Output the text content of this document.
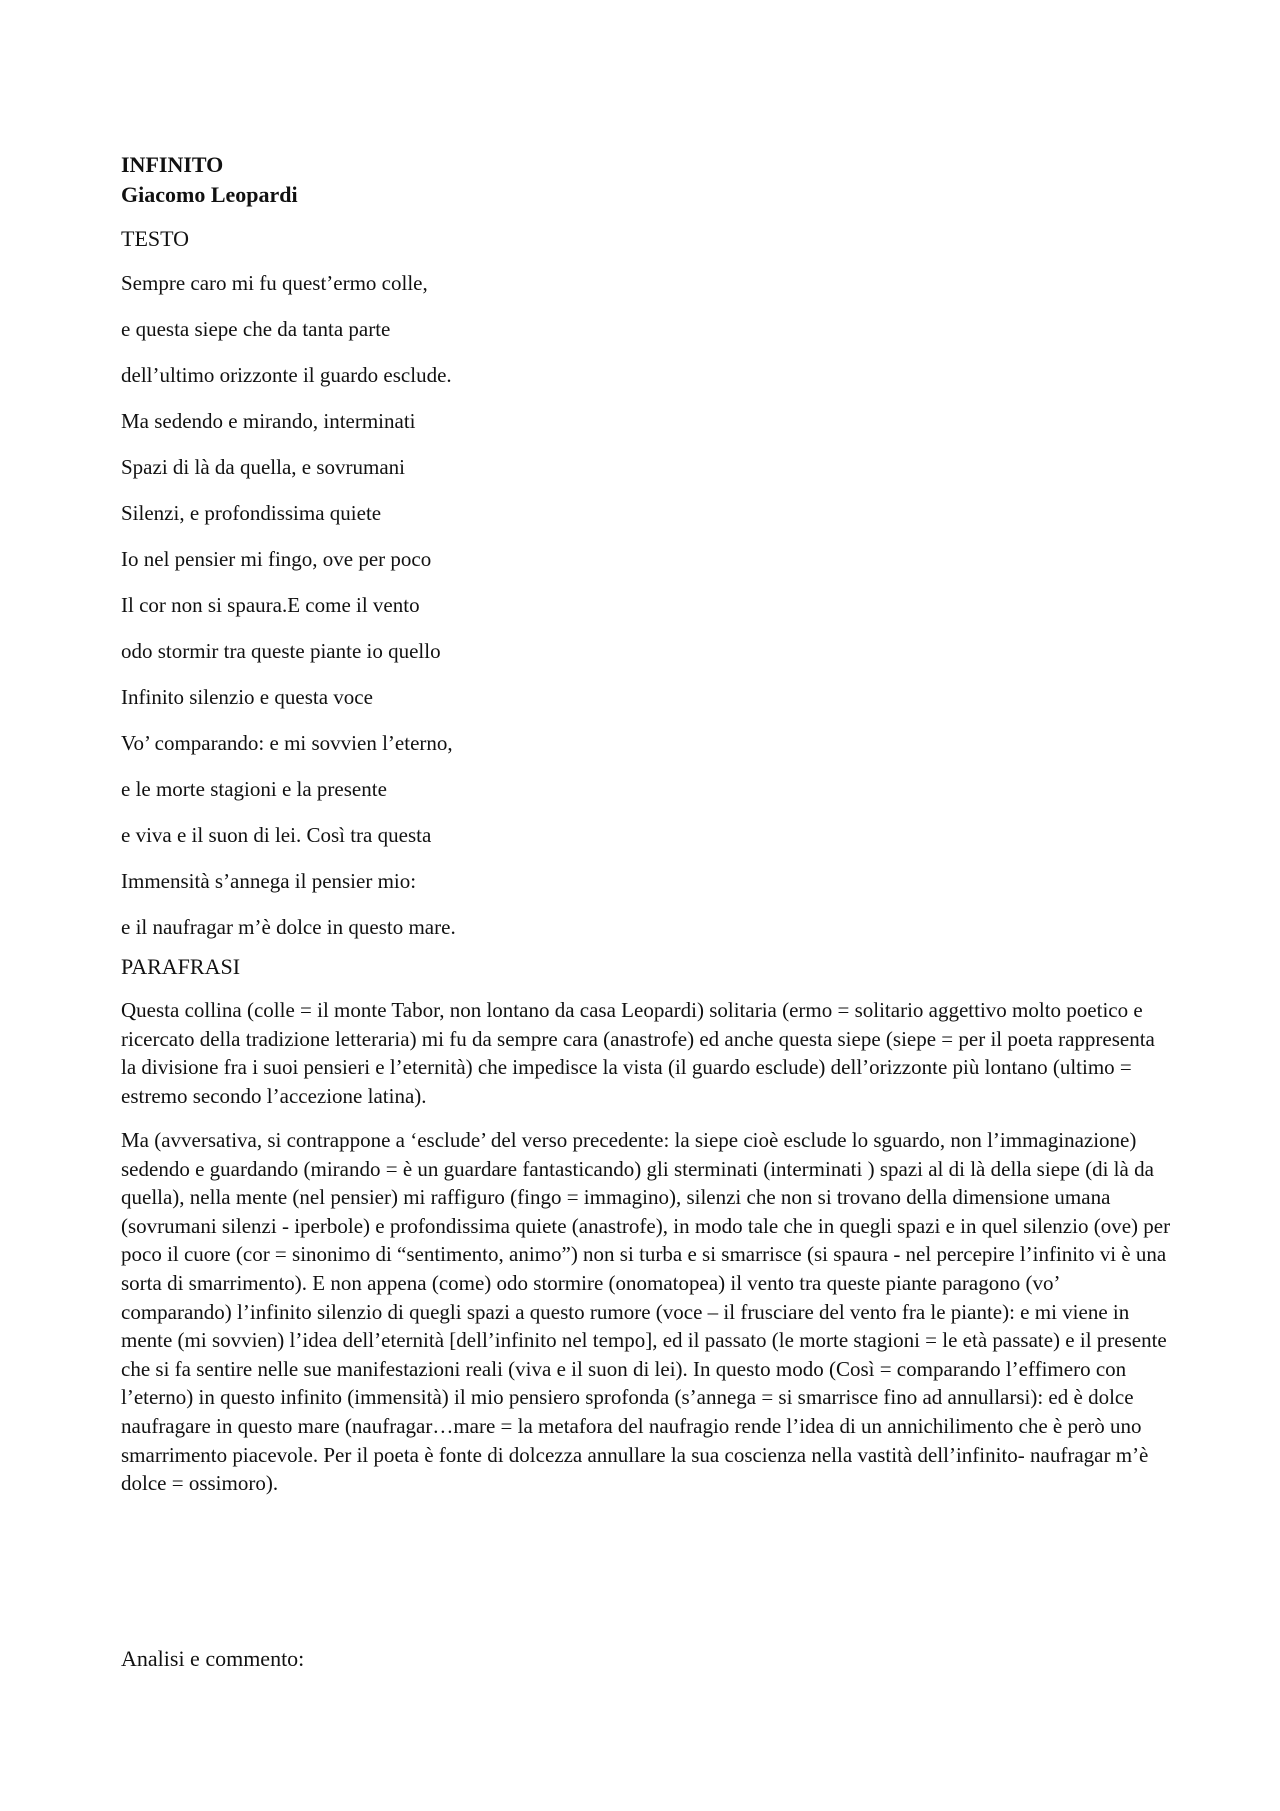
INFINITO

Giacomo Leopardi

TESTO

Sempre caro mi fu quest’ermo colle,
e questa siepe che da tanta parte
dell’ultimo orizzonte il guardo esclude.
Ma sedendo e mirando, interminati
Spazi di là da quella, e sovrumani
Silenzi, e profondissima quiete
Io nel pensier mi fingo, ove per poco
Il cor non si spaura.E come il vento
odo stormir tra queste piante io quello
Infinito silenzio e questa voce
Vo’ comparando: e mi sovvien l’eterno,
e le morte stagioni e la presente
e viva e il suon di lei. Così tra questa
Immensità s’annega il pensier mio:
e il naufragar m’è dolce in questo mare.

PARAFRASI

Questa collina (colle = il monte Tabor, non lontano da casa Leopardi) solitaria (ermo = solitario aggettivo molto poetico e ricercato della tradizione letteraria) mi fu da sempre cara (anastrofe) ed anche questa siepe (siepe = per il poeta rappresenta la divisione fra i suoi pensieri e l’eternità) che impedisce la vista (il guardo esclude) dell’orizzonte più lontano (ultimo = estremo secondo l’accezione latina).

Ma (avversativa, si contrappone a ‘esclude’ del verso precedente: la siepe cioè esclude lo sguardo, non l’immaginazione) sedendo e guardando (mirando = è un guardare fantasticando) gli sterminati (interminati ) spazi al di là della siepe (di là da quella), nella mente (nel pensier) mi raffiguro (fingo = immagino), silenzi che non si trovano della dimensione umana (sovrumani silenzi - iperbole) e profondissima quiete (anastrofe), in modo tale che in quegli spazi e in quel silenzio (ove) per poco il cuore (cor = sinonimo di “sentimento, animo”) non si turba e si smarrisce (si spaura - nel percepire l’infinito vi è una sorta di smarrimento). E non appena (come) odo stormire (onomatopea) il vento tra queste piante paragono (vo’ comparando) l’infinito silenzio di quegli spazi a questo rumore (voce – il frusciare del vento fra le piante): e mi viene in mente (mi sovvien) l’idea dell’eternità [dell’infinito nel tempo], ed il passato (le morte stagioni = le età passate) e il presente che si fa sentire nelle sue manifestazioni reali (viva e il suon di lei). In questo modo (Così = comparando l’effimero con l’eterno) in questo infinito (immensità) il mio pensiero sprofonda (s’annega = si smarrisce fino ad annullarsi): ed è dolce naufragare in questo mare (naufragar…mare = la metafora del naufragio rende l’idea di un annichilimento che è però uno smarrimento piacevole. Per il poeta è fonte di dolcezza annullare la sua coscienza nella vastità dell’infinito- naufragar m’è dolce = ossimoro).

Analisi e commento:
